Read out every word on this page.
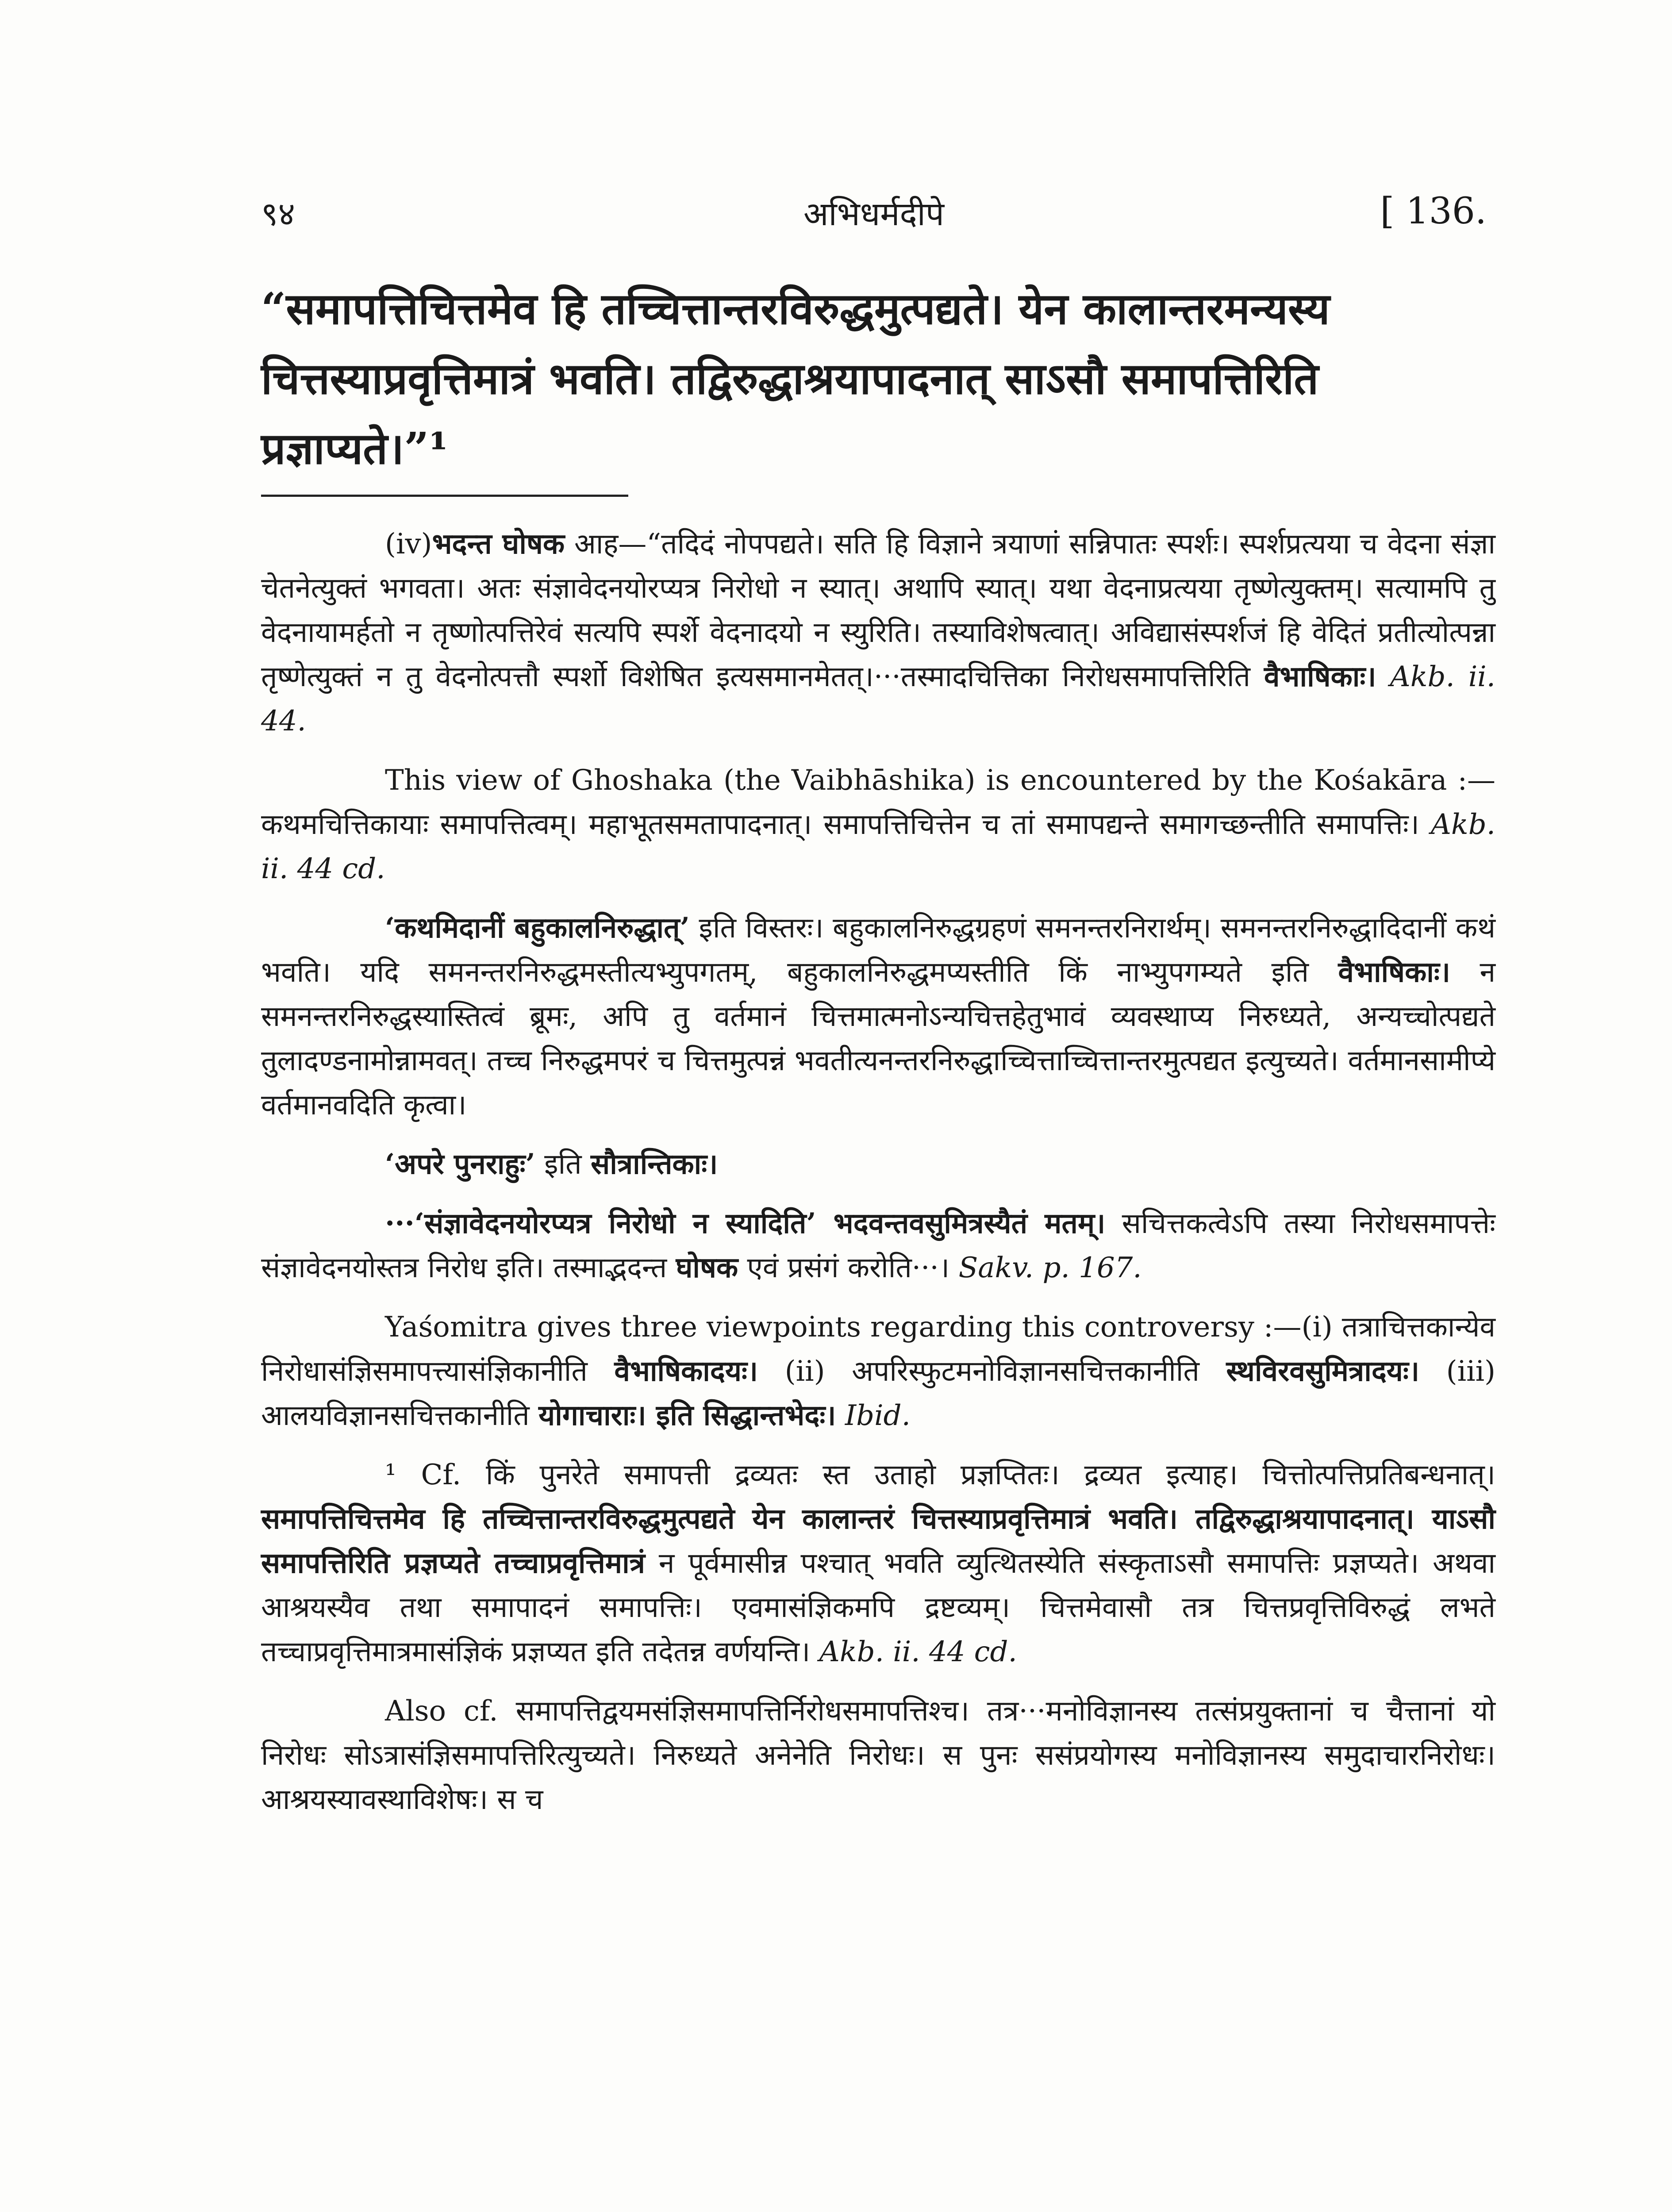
९४	अभिधर्मदीपे	[ 136.
“समापत्तिचित्तमेव हि तच्चित्तान्तरविरुद्धमुत्पद्यते। येन कालान्तरमन्यस्य चित्तस्याप्रवृत्तिमात्रं भवति। तद्विरुद्धाश्रयापादनात् साऽसौ समापत्तिरिति प्रज्ञाप्यते।”¹

(iv)भदन्त घोषक आह—“तदिदं नोपपद्यते। सति हि विज्ञाने त्रयाणां सन्निपातः स्पर्शः। स्पर्शप्रत्यया च वेदना संज्ञा चेतनेत्युक्तं भगवता। अतः संज्ञावेदनयोरप्यत्र निरोधो न स्यात्। अथापि स्यात्। यथा वेदनाप्रत्यया तृष्णेत्युक्तम्। सत्यामपि तु वेदनायामर्हतो न तृष्णोत्पत्तिरेवं सत्यपि स्पर्शे वेदनादयो न स्युरिति। तस्याविशेषत्वात्। अविद्यासंस्पर्शजं हि वेदितं प्रतीत्योत्पन्ना तृष्णेत्युक्तं न तु वेदनोत्पत्तौ स्पर्शो विशेषित इत्यसमानमेतत्।···तस्मादचित्तिका निरोधसमापत्तिरिति वैभाषिकाः। Akb. ii. 44.

This view of Ghoshaka (the Vaibhāshika) is encountered by the Kośakāra :—कथमचित्तिकायाः समापत्तित्वम्। महाभूतसमतापादनात्। समापत्तिचित्तेन च तां समापद्यन्ते समागच्छन्तीति समापत्तिः। Akb. ii. 44 cd.

‘कथमिदानीं बहुकालनिरुद्धात्’ इति विस्तरः। बहुकालनिरुद्धग्रहणं समनन्तरनिरार्थम्। समनन्तरनिरुद्धादिदानीं कथं भवति। यदि समनन्तरनिरुद्धमस्तीत्यभ्युपगतम्, बहुकालनिरुद्धमप्यस्तीति किं नाभ्युपगम्यते इति वैभाषिकाः। न समनन्तरनिरुद्धस्यास्तित्वं ब्रूमः, अपि तु वर्तमानं चित्तमात्मनोऽन्यचित्तहेतुभावं व्यवस्थाप्य निरुध्यते, अन्यच्चोत्पद्यते तुलादण्डनामोन्नामवत्। तच्च निरुद्धमपरं च चित्तमुत्पन्नं भवतीत्यनन्तरनिरुद्धाच्चित्ताच्चित्तान्तरमुत्पद्यत इत्युच्यते। वर्तमानसामीप्ये वर्तमानवदिति कृत्वा।

‘अपरे पुनराहुः’ इति सौत्रान्तिकाः।

···‘संज्ञावेदनयोरप्यत्र निरोधो न स्यादिति’ भदवन्तवसुमित्रस्यैतं मतम्। सचित्तकत्वेऽपि तस्या निरोधसमापत्तेः संज्ञावेदनयोस्तत्र निरोध इति। तस्माद्भदन्त घोषक एवं प्रसंगं करोति···। Sakv. p. 167.

Yaśomitra gives three viewpoints regarding this controversy :—(i) तत्राचित्तकान्येव निरोधासंज्ञिसमापत्त्यासंज्ञिकानीति वैभाषिकादयः। (ii) अपरिस्फुटमनोविज्ञानसचित्तकानीति स्थविरवसुमित्रादयः। (iii) आलयविज्ञानसचित्तकानीति योगाचाराः। इति सिद्धान्तभेदः। Ibid.

¹ Cf. किं पुनरेते समापत्ती द्रव्यतः स्त उताहो प्रज्ञप्तितः। द्रव्यत इत्याह। चित्तोत्पत्तिप्रतिबन्धनात्। समापत्तिचित्तमेव हि तच्चित्तान्तरविरुद्धमुत्पद्यते येन कालान्तरं चित्तस्याप्रवृत्तिमात्रं भवति। तद्विरुद्धाश्रयापादनात्। याऽसौ समापत्तिरिति प्रज्ञप्यते तच्चाप्रवृत्तिमात्रं न पूर्वमासीन्न पश्चात् भवति व्युत्थितस्येति संस्कृताऽसौ समापत्तिः प्रज्ञप्यते। अथवा आश्रयस्यैव तथा समापादनं समापत्तिः। एवमासंज्ञिकमपि द्रष्टव्यम्। चित्तमेवासौ तत्र चित्तप्रवृत्तिविरुद्धं लभते तच्चाप्रवृत्तिमात्रमासंज्ञिकं प्रज्ञप्यत इति तदेतन्न वर्णयन्ति। Akb. ii. 44 cd.

Also cf. समापत्तिद्वयमसंज्ञिसमापत्तिर्निरोधसमापत्तिश्च। तत्र···मनोविज्ञानस्य तत्संप्रयुक्तानां च चैत्तानां यो निरोधः सोऽत्रासंज्ञिसमापत्तिरित्युच्यते। निरुध्यते अनेनेति निरोधः। स पुनः ससंप्रयोगस्य मनोविज्ञानस्य समुदाचारनिरोधः। आश्रयस्यावस्थाविशेषः। स च
